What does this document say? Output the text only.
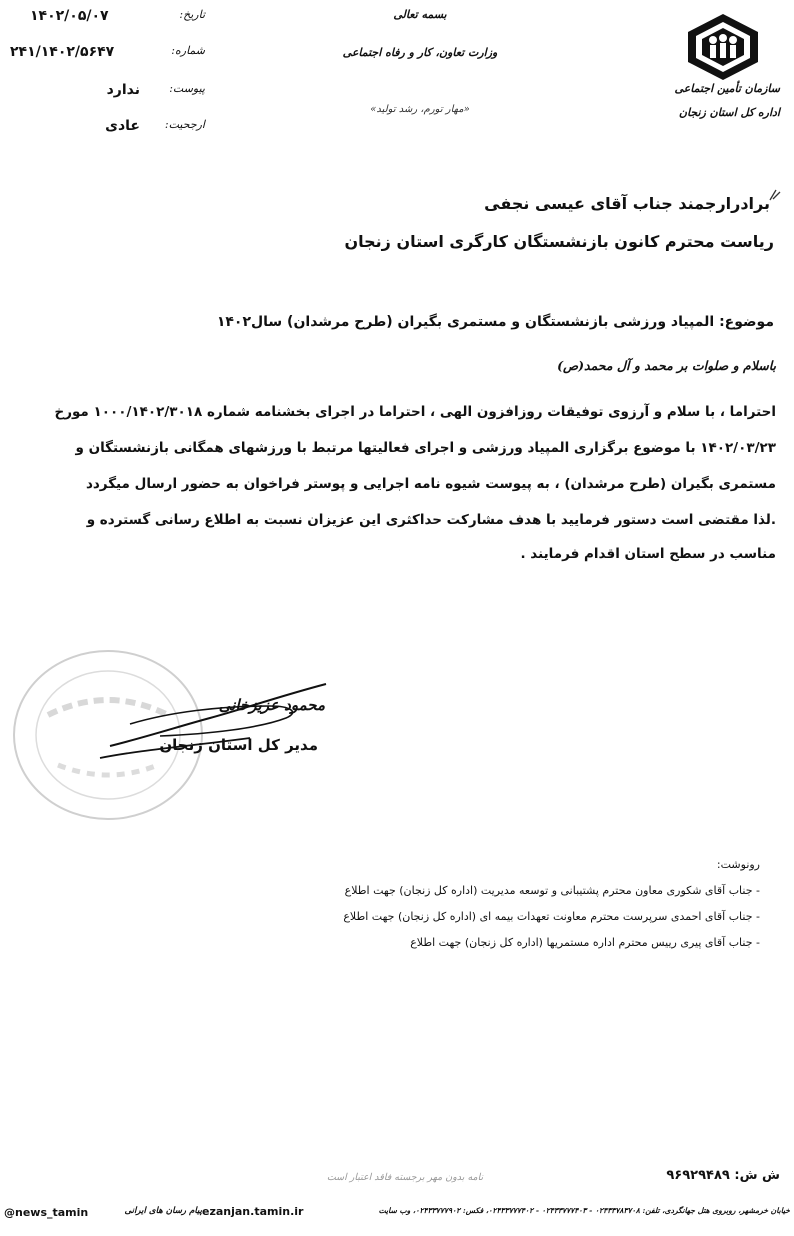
۱۴۰۲/۰۵/۰۷	تاریخ:
۲۴۱/۱۴۰۲/۵۶۴۷	شماره:
ندارد	پیوست:
عادی ارجحیت:
بسمه تعالی
وزارت تعاون، کار و رفاه اجتماعی
«مهار تورم، رشد تولید»
سازمان تأمین اجتماعی
اداره کل استان زنجان
برادرارجمند جناب آقای عیسی نجفی
ریاست محترم کانون بازنشستگان کارگری استان زنجان
موضوع: المپیاد ورزشی بازنشستگان و مستمری بگیران (طرح مرشدان) سال۱۴۰۲
باسلام و صلوات بر محمد و آل محمد(ص)
احتراما ، با سلام و آرزوی توفیقات روزافزون الهی ، احتراما در اجرای بخشنامه شماره ۱۰۰۰/۱۴۰۲/۳۰۱۸ مورخ
۱۴۰۲/۰۳/۲۳ با موضوع برگزاری المپیاد ورزشی و اجرای فعالیتها مرتبط با ورزشهای همگانی بازنشستگان و
مستمری بگیران (طرح مرشدان) ، به پیوست شیوه نامه اجرایی و پوستر فراخوان به حضور ارسال میگردد
.لذا مقتضی است دستور فرمایید با هدف مشارکت حداکثری این عزیزان نسبت به اطلاع رسانی گسترده و
مناسب در سطح استان اقدام فرمایند .
محمود عزیزخانی
مدیر کل استان زنجان
رونوشت:
- جناب آقای شکوری معاون محترم پشتیبانی و توسعه مدیریت (اداره کل زنجان) جهت اطلاع
- جناب آقای احمدی سرپرست محترم معاونت تعهدات بیمه ای (اداره کل زنجان) جهت اطلاع
- جناب آقای پیری رییس محترم اداره مستمریها (اداره کل زنجان) جهت اطلاع
ش ش: ۹۶۹۲۹۴۸۹
نامه بدون مهر برجسته فاقد اعتبار است
@news_tamin	پیام رسان های ایرانی ezanjan.tamin.ir	خیابان خرمشهر، روبروی هتل جهانگردی، تلفن: ۰۲۴۳۳۷۸۳۷۰۸ - ۰۲۴۳۳۷۷۷۴۰۳ - ۰۲۴۳۳۷۷۷۴۰۲، فکس: ۰۲۴۳۳۷۷۷۹۰۲، وب سایت
